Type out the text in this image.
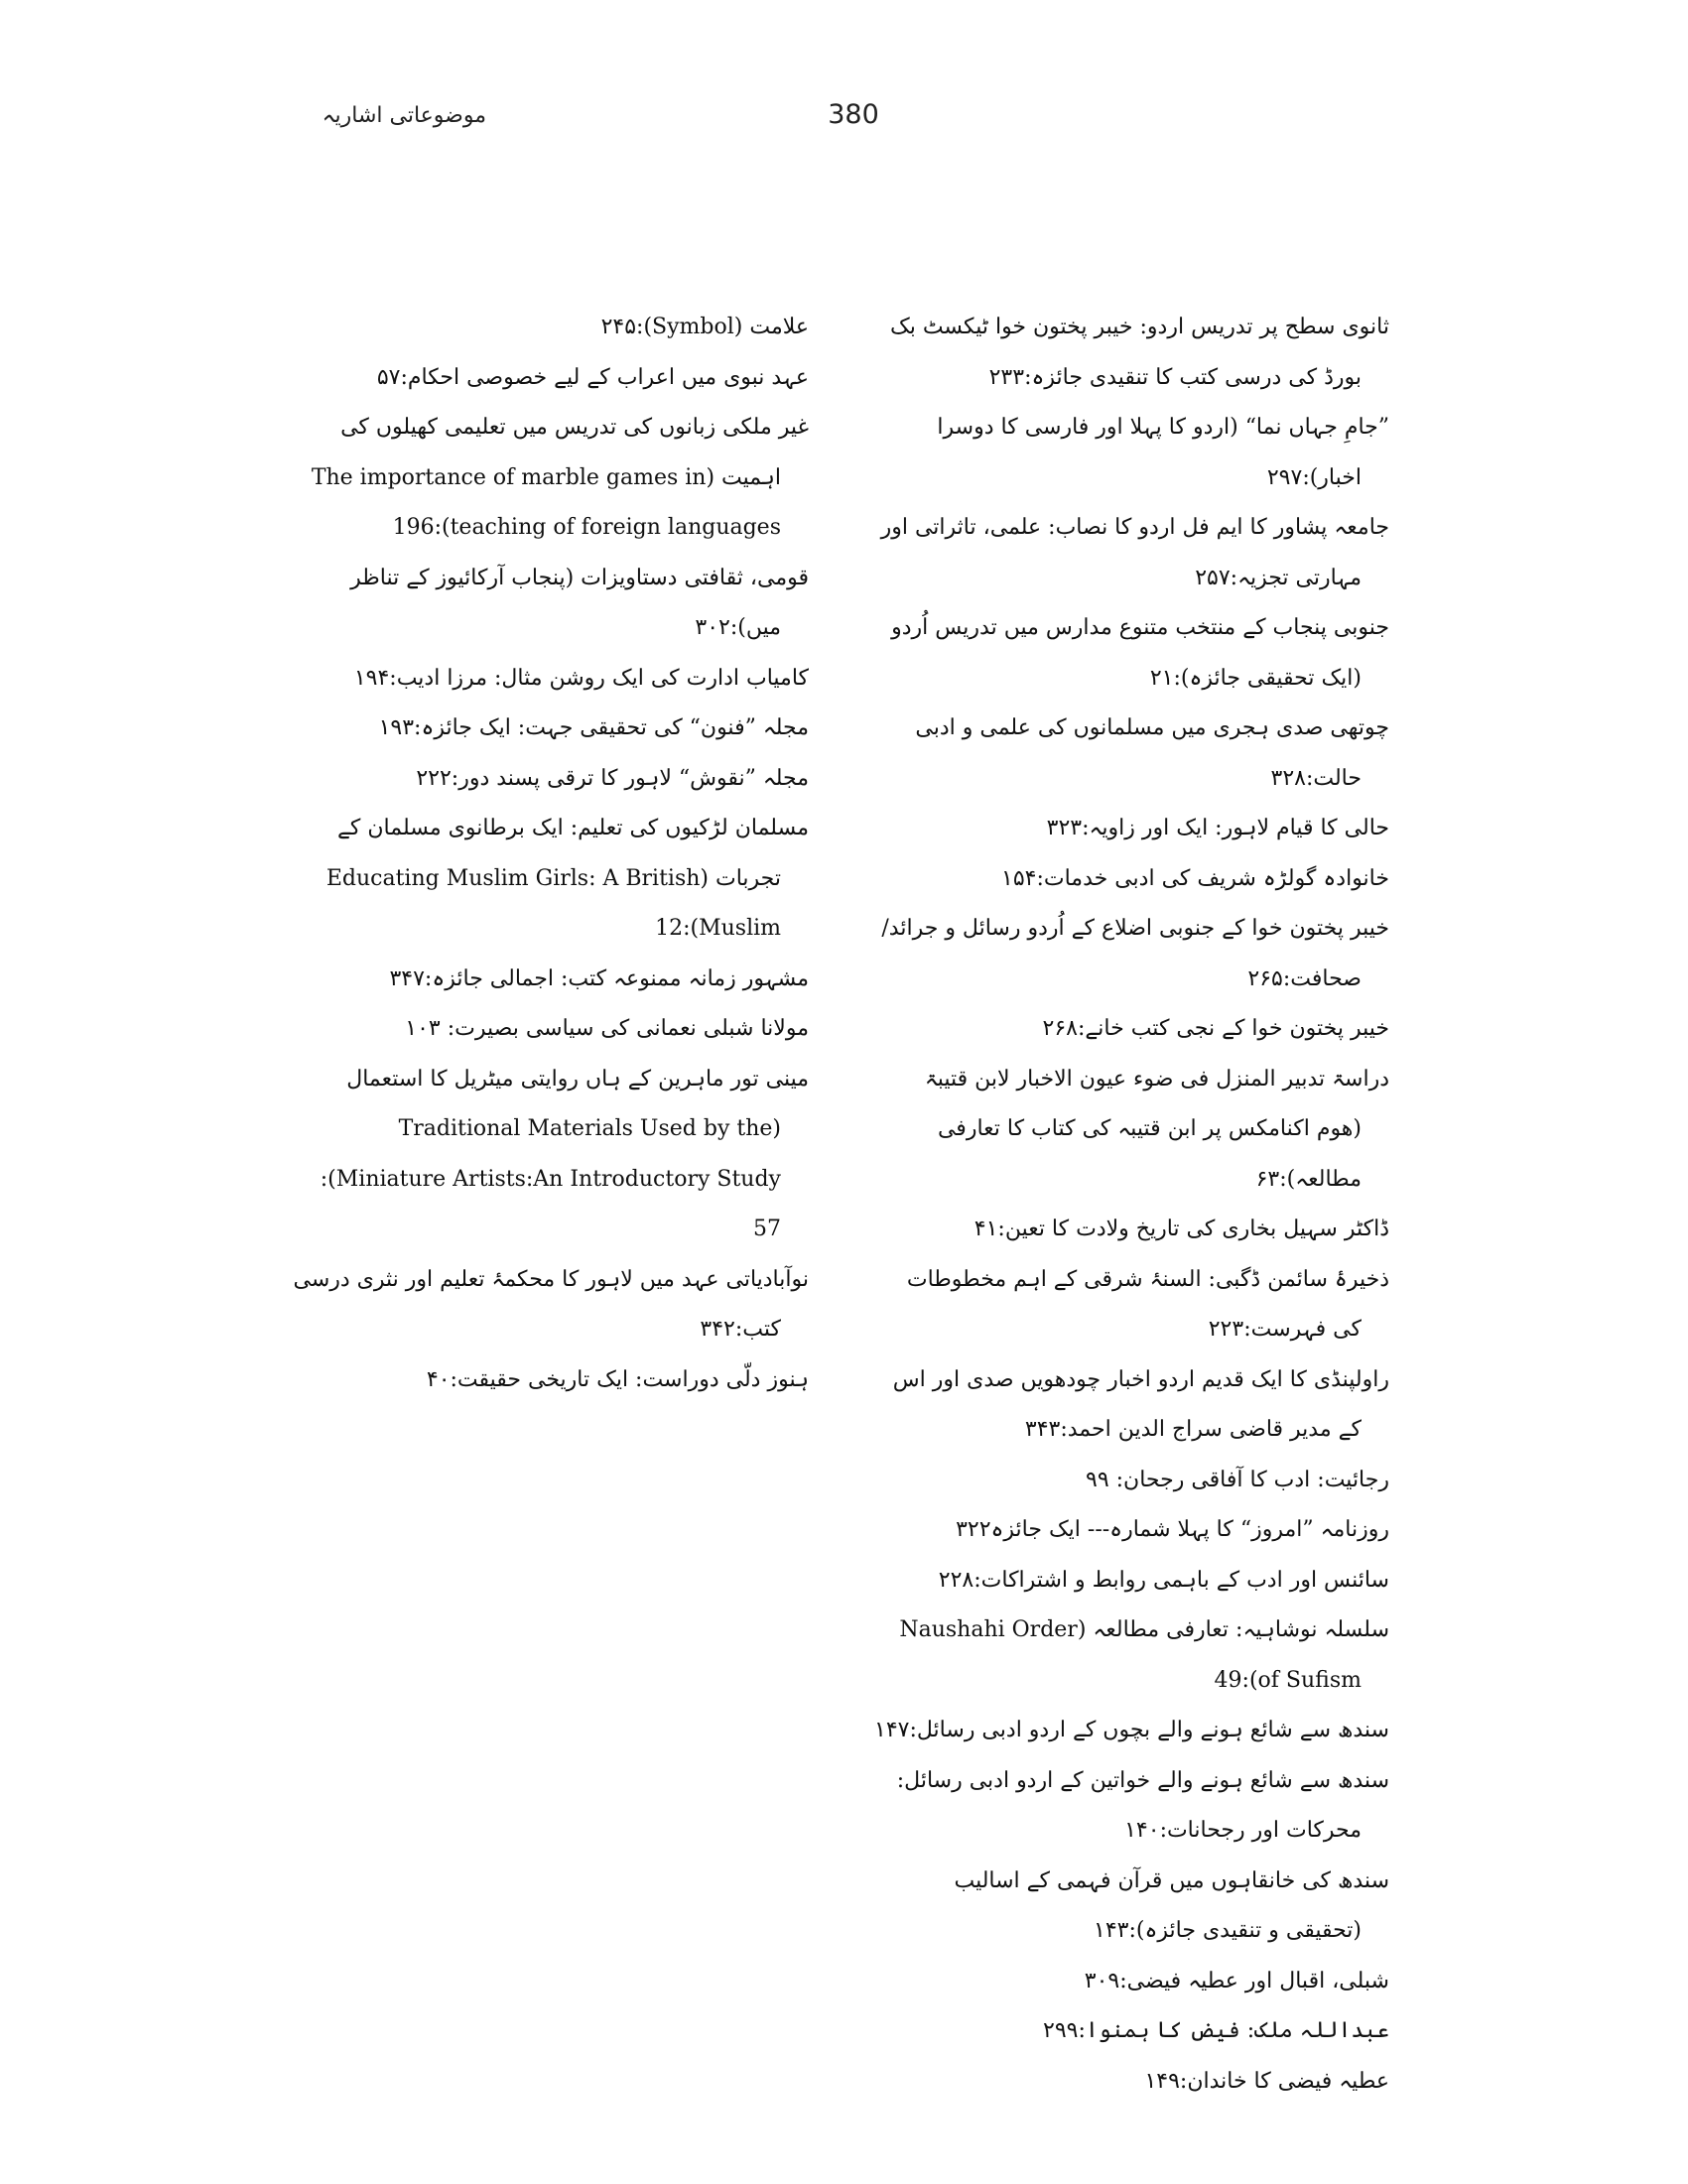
380
موضوعاتی اشاریہ

ثانوی سطح پر تدریس اردو: خیبر پختون خوا ٹیکسٹ بک بورڈ کی درسی کتب کا تنقیدی جائزہ:۲۳۳

”جامِ جہاں نما“ (اردو کا پہلا اور فارسی کا دوسرا اخبار):۲۹۷

جامعہ پشاور کا ایم فل اردو کا نصاب: علمی، تاثراتی اور مہارتی تجزیہ:۲۵۷

جنوبی پنجاب کے منتخب متنوع مدارس میں تدریس اُردو (ایک تحقیقی جائزہ):۲۱

چوتھی صدی ہجری میں مسلمانوں کی علمی و ادبی حالت:۳۲۸

حالی کا قیام لاہور: ایک اور زاویہ:۳۲۳

خانوادہ گولڑہ شریف کی ادبی خدمات:۱۵۴

خیبر پختون خوا کے جنوبی اضلاع کے اُردو رسائل و جرائد/صحافت:۲۶۵

خیبر پختون خوا کے نجی کتب خانے:۲۶۸

دراسۃ تدبیر المنزل فی ضوء عیون الاخبار لابن قتیبۃ (ھوم اکنامکس پر ابن قتیبہ کی کتاب کا تعارفی مطالعہ):۶۳

ڈاکٹر سہیل بخاری کی تاریخ ولادت کا تعین:۴۱

ذخیرۂ سائمن ڈگبی: السنۂ شرقی کے اہم مخطوطات کی فہرست:۲۲۳

راولپنڈی کا ایک قدیم اردو اخبار چودھویں صدی اور اس کے مدیر قاضی سراج الدین احمد:۳۴۳

رجائیت: ادب کا آفاقی رجحان: ۹۹

روزنامہ ”امروز“ کا پہلا شمارہ--- ایک جائزہ۳۲۲

سائنس اور ادب کے باہمی روابط و اشتراکات:۲۲۸

سلسلہ نوشاہیہ: تعارفی مطالعہ (Naushahi Order of Sufism):49

سندھ سے شائع ہونے والے بچوں کے اردو ادبی رسائل:۱۴۷

سندھ سے شائع ہونے والے خواتین کے اردو ادبی رسائل: محرکات اور رجحانات:۱۴۰

سندھ کی خانقاہوں میں قرآن فہمی کے اسالیب (تحقیقی و تنقیدی جائزہ):۱۴۳

شبلی، اقبال اور عطیہ فیضی:۳۰۹

عبداللہ ملک: فیض کا ہمنوا:۲۹۹

عطیہ فیضی کا خاندان:۱۴۹

علامت (Symbol):۲۴۵

عہد نبوی میں اعراب کے لیے خصوصی احکام:۵۷

غیر ملکی زبانوں کی تدریس میں تعلیمی کھیلوں کی اہمیت (The importance of marble games in teaching of foreign languages):196

قومی، ثقافتی دستاویزات (پنجاب آرکائیوز کے تناظر میں):۳۰۲

کامیاب ادارت کی ایک روشن مثال: مرزا ادیب:۱۹۴

مجلہ ”فنون“ کی تحقیقی جہت: ایک جائزہ:۱۹۳

مجلہ ”نقوش“ لاہور کا ترقی پسند دور:۲۲۲

مسلمان لڑکیوں کی تعلیم: ایک برطانوی مسلمان کے تجربات (Educating Muslim Girls: A British Muslim):12

مشہور زمانہ ممنوعہ کتب: اجمالی جائزہ:۳۴۷

مولانا شبلی نعمانی کی سیاسی بصیرت: ۱۰۳

مینی تور ماہرین کے ہاں روایتی میٹریل کا استعمال (Traditional Materials Used by the Miniature Artists:An Introductory Study): 57

نوآبادیاتی عہد میں لاہور کا محکمۂ تعلیم اور نثری درسی کتب:۳۴۲

ہنوز دلّی دوراست: ایک تاریخی حقیقت:۴۰
